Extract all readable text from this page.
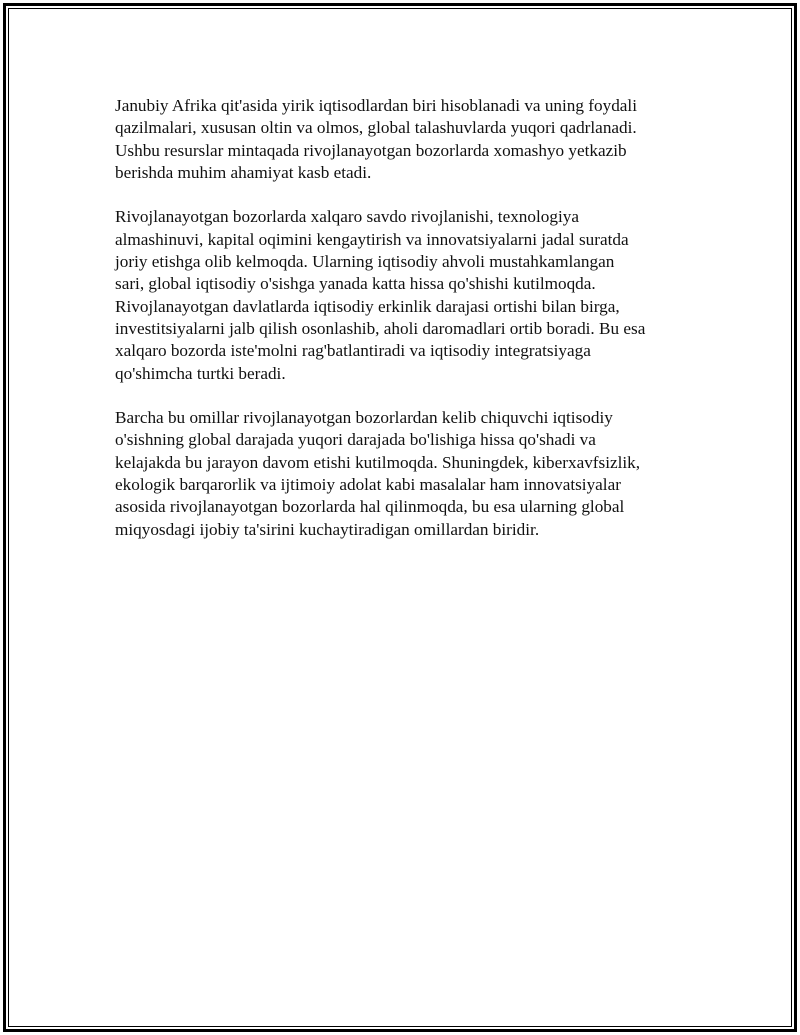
Janubiy Afrika qit'asida yirik iqtisodlardan biri hisoblanadi va uning foydali
qazilmalari, xususan oltin va olmos, global talashuvlarda yuqori qadrlanadi.
Ushbu resurslar mintaqada rivojlanayotgan bozorlarda xomashyo yetkazib
berishda muhim ahamiyat kasb etadi.

Rivojlanayotgan bozorlarda xalqaro savdo rivojlanishi, texnologiya
almashinuvi, kapital oqimini kengaytirish va innovatsiyalarni jadal suratda
joriy etishga olib kelmoqda. Ularning iqtisodiy ahvoli mustahkamlangan
sari, global iqtisodiy o'sishga yanada katta hissa qo'shishi kutilmoqda.
Rivojlanayotgan davlatlarda iqtisodiy erkinlik darajasi ortishi bilan birga,
investitsiyalarni jalb qilish osonlashib, aholi daromadlari ortib boradi. Bu esa
xalqaro bozorda iste'molni rag'batlantiradi va iqtisodiy integratsiyaga
qo'shimcha turtki beradi.

Barcha bu omillar rivojlanayotgan bozorlardan kelib chiquvchi iqtisodiy
o'sishning global darajada yuqori darajada bo'lishiga hissa qo'shadi va
kelajakda bu jarayon davom etishi kutilmoqda. Shuningdek, kiberxavfsizlik,
ekologik barqarorlik va ijtimoiy adolat kabi masalalar ham innovatsiyalar
asosida rivojlanayotgan bozorlarda hal qilinmoqda, bu esa ularning global
miqyosdagi ijobiy ta'sirini kuchaytiradigan omillardan biridir.
